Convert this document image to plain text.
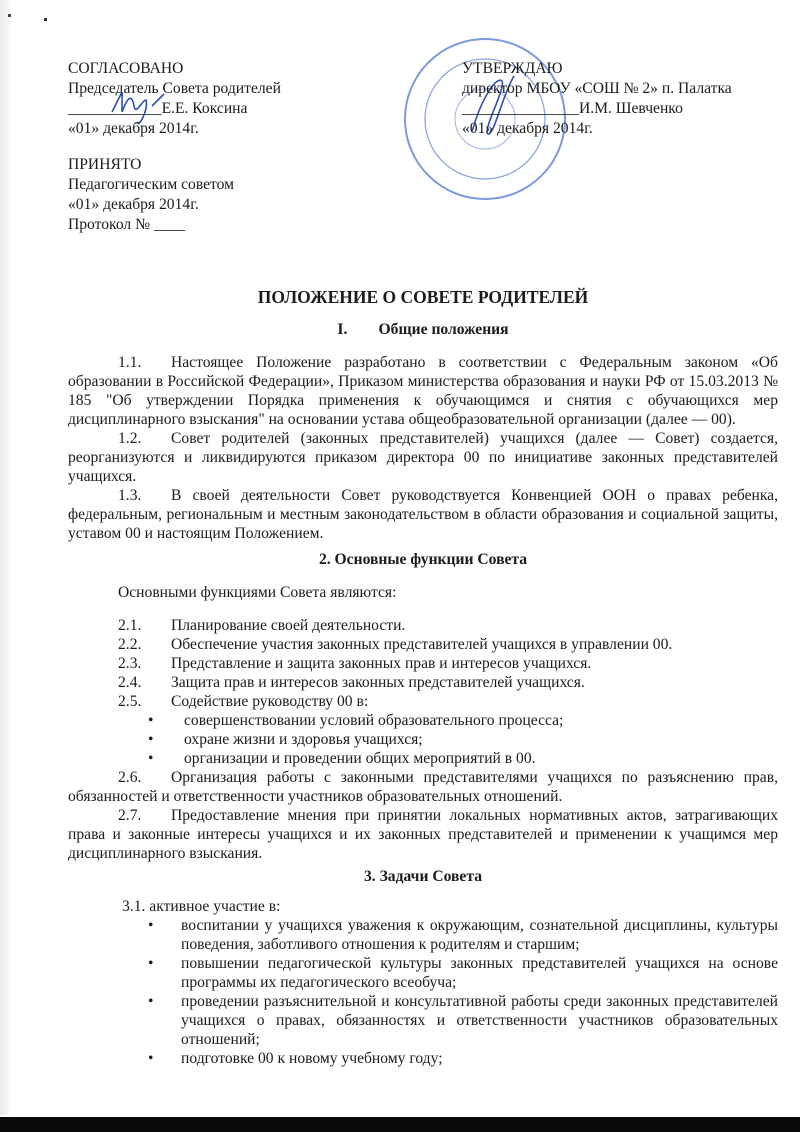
СОГЛАСОВАНО
Председатель Совета родителей
____________Е.Е. Коксина
«01» декабря 2014г.
ПРИНЯТО
Педагогическим советом
«01» декабря 2014г.
Протокол № ____
УТВЕРЖДАЮ
директор МБОУ «СОШ № 2» п. Палатка
_______________И.М. Шевченко
«01» декабря 2014г.
ПОЛОЖЕНИЕ О СОВЕТЕ РОДИТЕЛЕЙ
I.        Общие положения

1.1. Настоящее Положение разработано в соответствии с Федеральным законом «Об образовании в Российской Федерации», Приказом министерства образования и науки РФ от 15.03.2013 № 185 "Об утверждении Порядка применения к обучающимся и снятия с обучающихся мер дисциплинарного взыскания" на основании устава общеобразовательной организации (далее — 00).

1.2. Совет родителей (законных представителей) учащихся (далее — Совет) создается, реорганизуются и ликвидируются приказом директора 00 по инициативе законных представителей учащихся.

1.3. В своей деятельности Совет руководствуется Конвенцией ООН о правах ребенка, федеральным, региональным и местным законодательством в области образования и социальной защиты, уставом 00 и настоящим Положением.

2. Основные функции Совета
Основными функциями Совета являются:
2.1. Планирование своей деятельности.
2.2. Обеспечение участия законных представителей учащихся в управлении 00.
2.3. Представление и защита законных прав и интересов учащихся.
2.4. Защита прав и интересов законных представителей учащихся.
2.5. Содействие руководству 00 в:
• совершенствовании условий образовательного процесса;
• охране жизни и здоровья учащихся;
• организации и проведении общих мероприятий в 00.

2.6. Организация работы с законными представителями учащихся по разъяснению прав, обязанностей и ответственности участников образовательных отношений.

2.7. Предоставление мнения при принятии локальных нормативных актов, затрагивающих права и законные интересы учащихся и их законных представителей и применении к учащимся мер дисциплинарного взыскания.

3. Задачи Совета
3.1. активное участие в:
• воспитании у учащихся уважения к окружающим, сознательной дисциплины, культуры поведения, заботливого отношения к родителям и старшим;
• повышении педагогической культуры законных представителей учащихся на основе программы их педагогического всеобуча;
• проведении разъяснительной и консультативной работы среди законных представителей учащихся о правах, обязанностях и ответственности участников образовательных отношений;
• подготовке 00 к новому учебному году;
